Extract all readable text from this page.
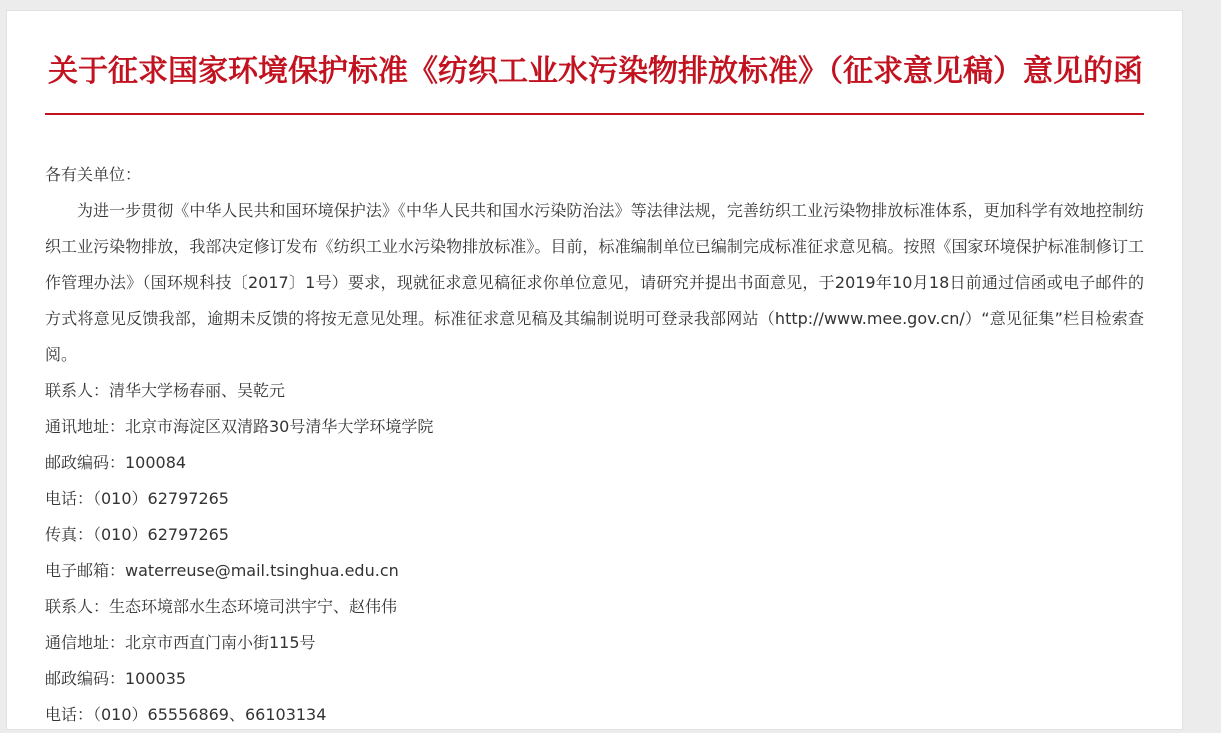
关于征求国家环境保护标准《纺织工业水污染物排放标准》（征求意见稿）意见的函

各有关单位：

为进一步贯彻《中华人民共和国环境保护法》《中华人民共和国水污染防治法》等法律法规，完善纺织工业污染物排放标准体系，更加科学有效地控制纺织工业污染物排放，我部决定修订发布《纺织工业水污染物排放标准》。目前，标准编制单位已编制完成标准征求意见稿。按照《国家环境保护标准制修订工作管理办法》（国环规科技〔2017〕1号）要求，现就征求意见稿征求你单位意见，请研究并提出书面意见，于2019年10月18日前通过信函或电子邮件的方式将意见反馈我部，逾期未反馈的将按无意见处理。标准征求意见稿及其编制说明可登录我部网站（http://www.mee.gov.cn/）“意见征集”栏目检索查阅。

联系人：清华大学杨春丽、吴乾元

通讯地址：北京市海淀区双清路30号清华大学环境学院

邮政编码：100084

电话：（010）62797265

传真：（010）62797265

电子邮箱：waterreuse@mail.tsinghua.edu.cn

联系人：生态环境部水生态环境司洪宇宁、赵伟伟

通信地址：北京市西直门南小街115号

邮政编码：100035

电话：（010）65556869、66103134
